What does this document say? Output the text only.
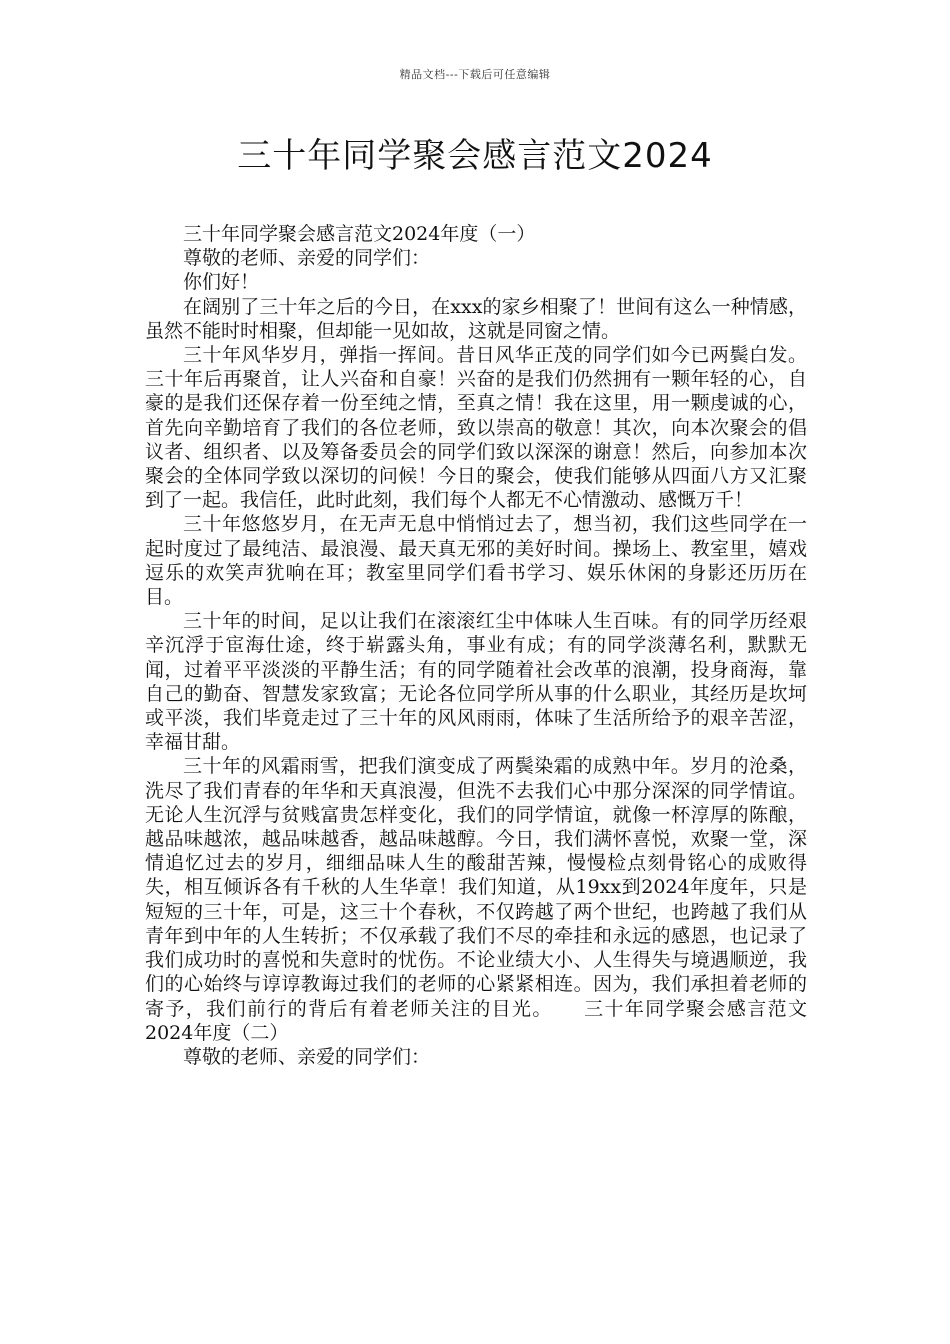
精品文档---下载后可任意编辑
三十年同学聚会感言范文2024

三十年同学聚会感言范文2024年度（一）

尊敬的老师、亲爱的同学们：

你们好！

在阔别了三十年之后的今日，在xxx的家乡相聚了！世间有这么一种情感，虽然不能时时相聚，但却能一见如故，这就是同窗之情。

三十年风华岁月，弹指一挥间。昔日风华正茂的同学们如今已两鬓白发。三十年后再聚首，让人兴奋和自豪！兴奋的是我们仍然拥有一颗年轻的心，自豪的是我们还保存着一份至纯之情，至真之情！我在这里，用一颗虔诚的心，首先向辛勤培育了我们的各位老师，致以崇高的敬意！其次，向本次聚会的倡议者、组织者、以及筹备委员会的同学们致以深深的谢意！然后，向参加本次聚会的全体同学致以深切的问候！今日的聚会，使我们能够从四面八方又汇聚到了一起。我信任，此时此刻，我们每个人都无不心情激动、感慨万千！

三十年悠悠岁月，在无声无息中悄悄过去了，想当初，我们这些同学在一起时度过了最纯洁、最浪漫、最天真无邪的美好时间。操场上、教室里，嬉戏逗乐的欢笑声犹响在耳；教室里同学们看书学习、娱乐休闲的身影还历历在目。

三十年的时间，足以让我们在滚滚红尘中体味人生百味。有的同学历经艰辛沉浮于宦海仕途，终于崭露头角，事业有成；有的同学淡薄名利，默默无闻，过着平平淡淡的平静生活；有的同学随着社会改革的浪潮，投身商海，靠自己的勤奋、智慧发家致富；无论各位同学所从事的什么职业，其经历是坎坷或平淡，我们毕竟走过了三十年的风风雨雨，体味了生活所给予的艰辛苦涩，幸福甘甜。

三十年的风霜雨雪，把我们演变成了两鬓染霜的成熟中年。岁月的沧桑，洗尽了我们青春的年华和天真浪漫，但洗不去我们心中那分深深的同学情谊。无论人生沉浮与贫贱富贵怎样变化，我们的同学情谊，就像一杯淳厚的陈酿，越品味越浓，越品味越香，越品味越醇。今日，我们满怀喜悦，欢聚一堂，深情追忆过去的岁月，细细品味人生的酸甜苦辣，慢慢检点刻骨铭心的成败得失，相互倾诉各有千秋的人生华章！我们知道，从19xx到2024年度年，只是短短的三十年，可是，这三十个春秋，不仅跨越了两个世纪，也跨越了我们从青年到中年的人生转折；不仅承载了我们不尽的牵挂和永远的感恩，也记录了我们成功时的喜悦和失意时的忧伤。不论业绩大小、人生得失与境遇顺逆，我们的心始终与谆谆教诲过我们的老师的心紧紧相连。因为，我们承担着老师的寄予，我们前行的背后有着老师关注的目光。　　三十年同学聚会感言范文2024年度（二）

尊敬的老师、亲爱的同学们：
